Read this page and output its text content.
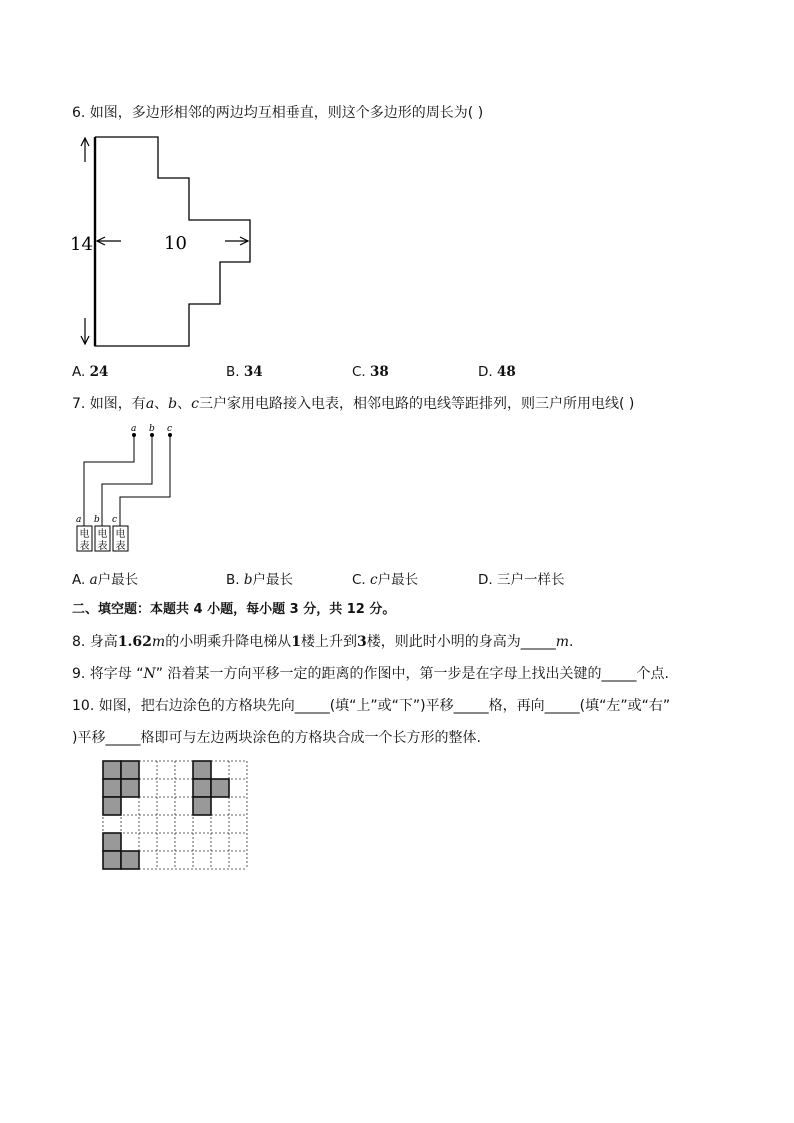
6. 如图，多边形相邻的两边均互相垂直，则这个多边形的周长为( )
14	10
A. 24	B. 34	C. 38	D. 48
7. 如图，有a、b、c三户家用电路接入电表，相邻电路的电线等距排列，则三户所用电线( )
a b c
a b c
电
表
电
表
电
表
A. a户最长	B. b户最长	C. c户最长	D. 三户一样长
二、填空题：本题共 4 小题，每小题 3 分，共 12 分。
8. 身高1.62m的小明乘升降电梯从1楼上升到3楼，则此时小明的身高为_____m.
9. 将字母 “N” 沿着某一方向平移一定的距离的作图中，第一步是在字母上找出关键的_____个点.
10. 如图，把右边涂色的方格块先向_____(填“上”或“下”)平移_____格，再向_____(填“左”或“右”
)平移_____格即可与左边两块涂色的方格块合成一个长方形的整体.
